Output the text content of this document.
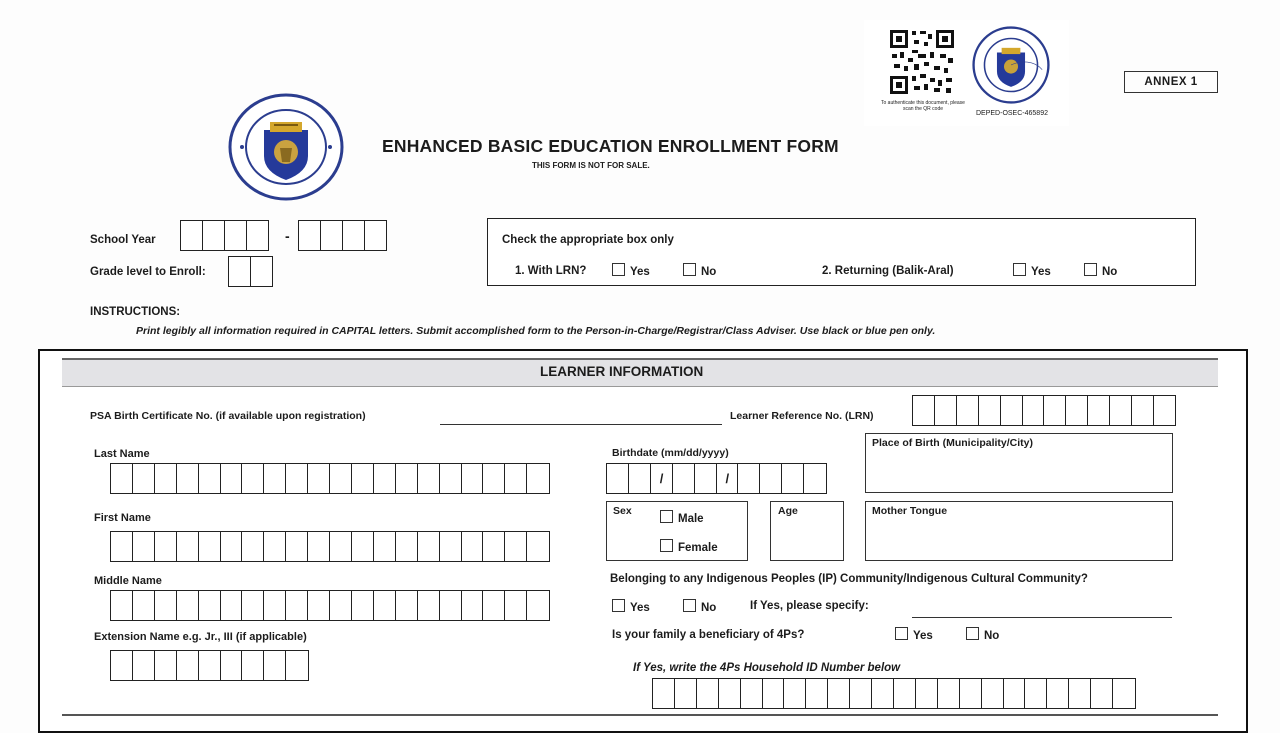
To authenticate this document, please scan the QR code
DEPED-OSEC-465892
ANNEX 1
ENHANCED BASIC EDUCATION ENROLLMENT FORM
THIS FORM IS NOT FOR SALE.
School Year	-
Grade level to Enroll:
Check the appropriate box only
1. With LRN?	Yes	No	2. Returning (Balik-Aral)	Yes	No
INSTRUCTIONS:
Print legibly all information required in CAPITAL letters. Submit accomplished form to the Person-in-Charge/Registrar/Class Adviser. Use black or blue pen only.
LEARNER INFORMATION
PSA Birth Certificate No. (if available upon registration)	Learner Reference No. (LRN)
Last Name
First Name
Middle Name
Extension Name e.g. Jr., III (if applicable)
Birthdate (mm/dd/yyyy)
/	/
Place of Birth (Municipality/City)
Sex
Male
Female
Age	Mother Tongue
Belonging to any Indigenous Peoples (IP) Community/Indigenous Cultural Community?
Yes	No	If Yes, please specify:
Is your family a beneficiary of 4Ps?	Yes	No
If Yes, write the 4Ps Household ID Number below
